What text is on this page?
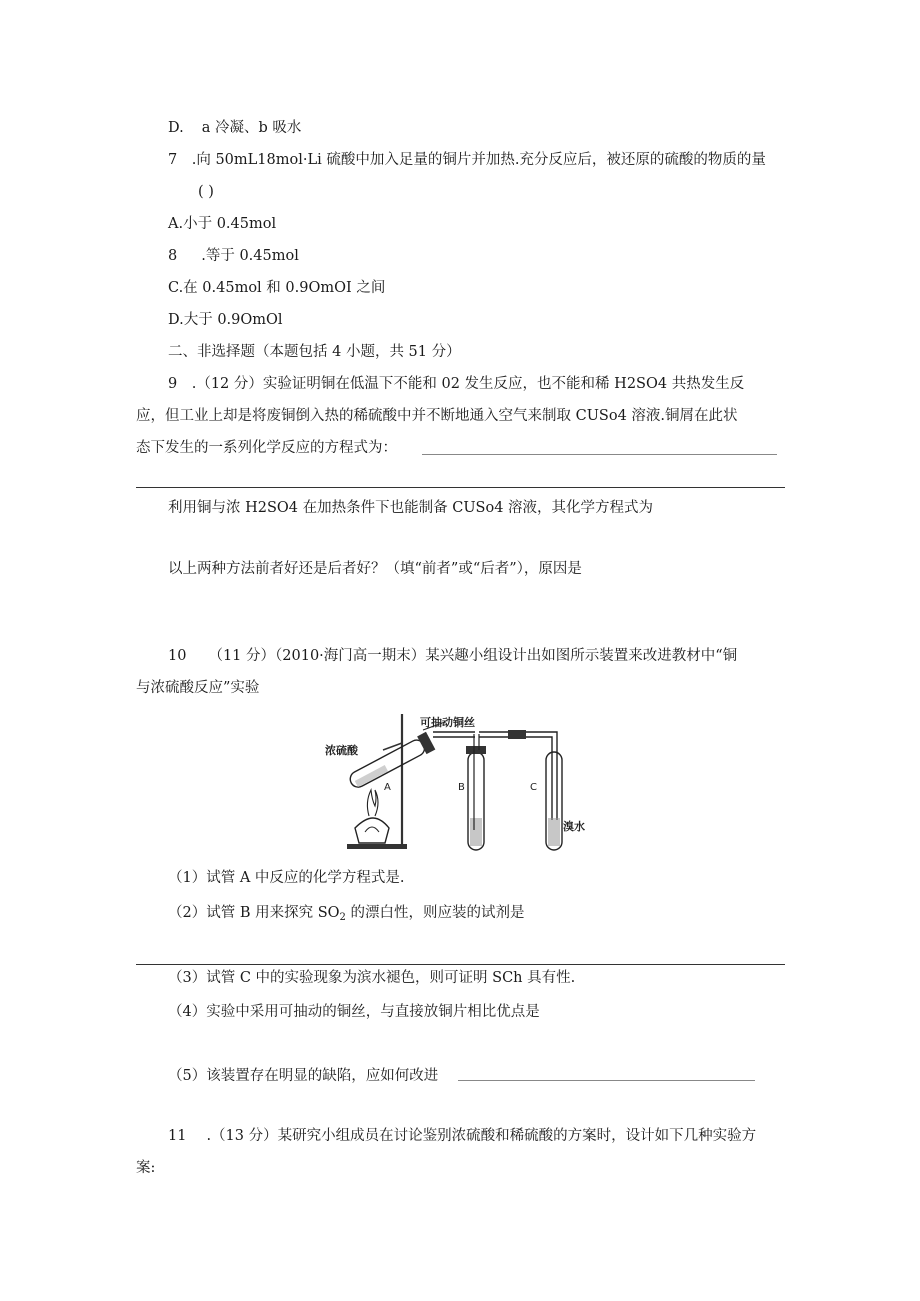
D. a 冷凝、b 吸水
7　.向 50mL18mol·Li 硫酸中加入足量的铜片并加热.充分反应后，被还原的硫酸的物质的量
( )
A.小于 0.45mol
8 .等于 0.45mol
C.在 0.45mol 和 0.9OmOI 之间
D.大于 0.9OmOl
二、非选择题（本题包括 4 小题，共 51 分）
9　.（12 分）实验证明铜在低温下不能和 02 发生反应，也不能和稀 H2SO4 共热发生反
应，但工业上却是将废铜倒入热的稀硫酸中并不断地通入空气来制取 CUSo4 溶液.铜屑在此状
态下发生的一系列化学反应的方程式为：
利用铜与浓 H2SO4 在加热条件下也能制备 CUSo4 溶液，其化学方程式为
以上两种方法前者好还是后者好？（填“前者”或“后者”），原因是
10 （11 分）（2010·海门高一期末）某兴趣小组设计出如图所示装置来改进教材中“铜
与浓硫酸反应”实验
可抽动铜丝
浓硫酸
A	B	C
溴水
（1）试管 A 中反应的化学方程式是.
（2）试管 B 用来探究 $SO_2$ 的漂白性，则应装的试剂是
（3）试管 C 中的实验现象为滨水褪色，则可证明 SCh 具有性.
（4）实验中采用可抽动的铜丝，与直接放铜片相比优点是
（5）该装置存在明显的缺陷，应如何改进
11 .（13 分）某研究小组成员在讨论鉴别浓硫酸和稀硫酸的方案时，设计如下几种实验方
案:
